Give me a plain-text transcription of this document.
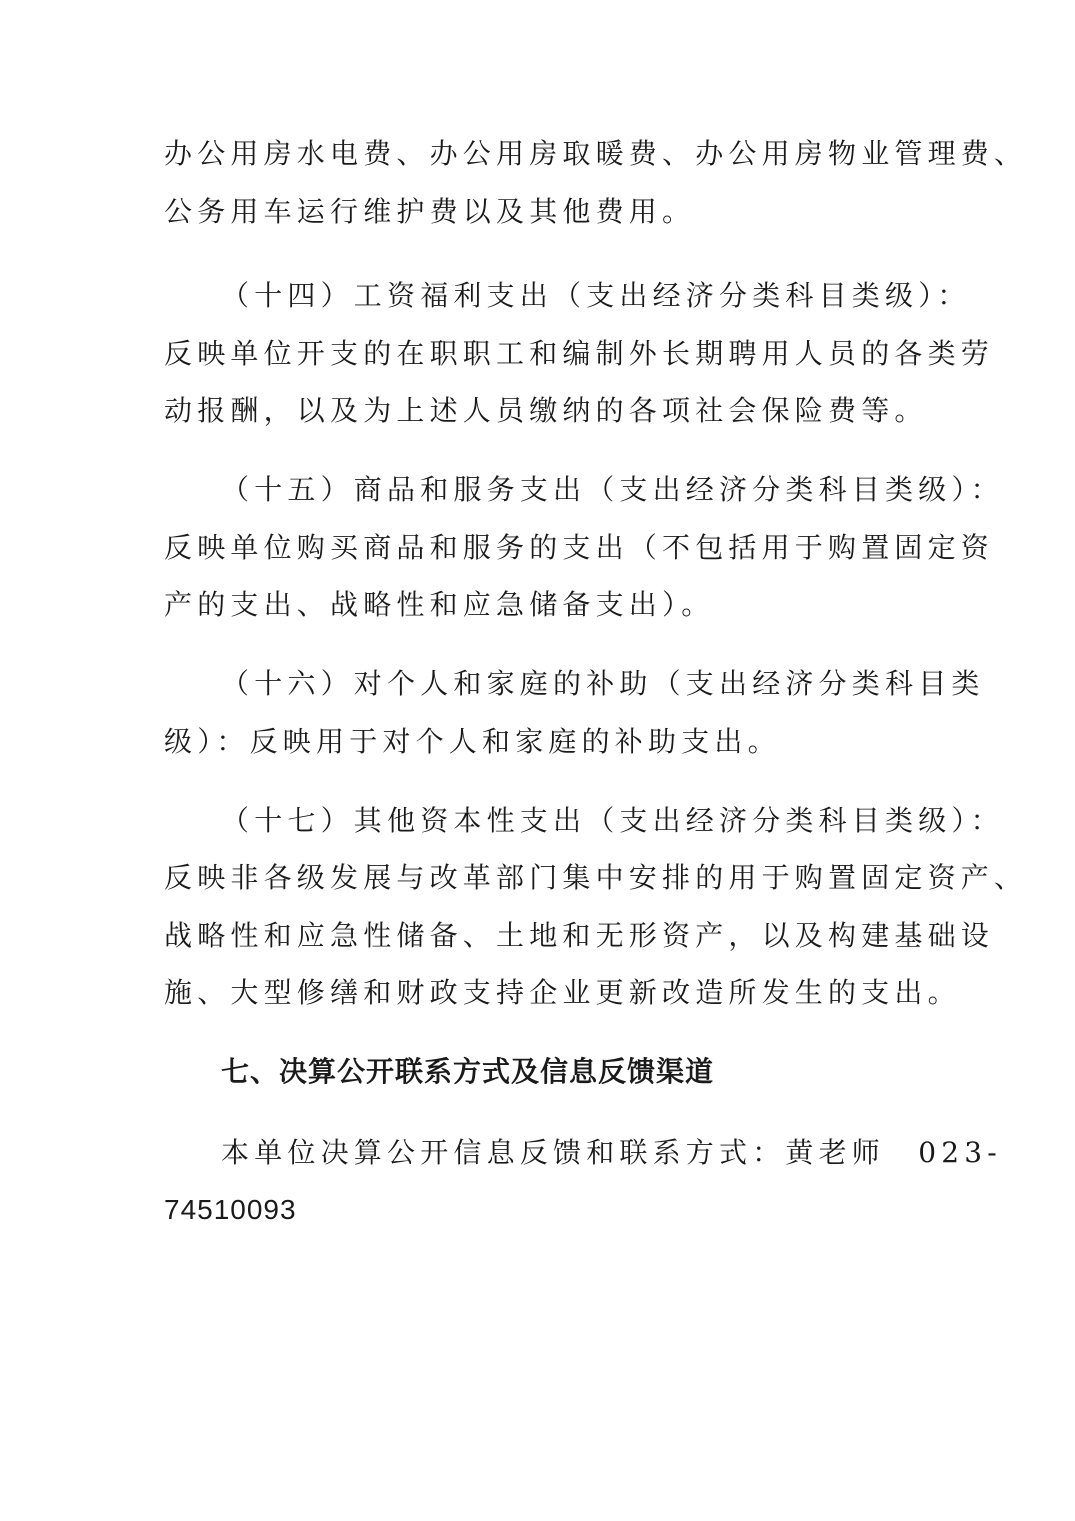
办公用房水电费、办公用房取暖费、办公用房物业管理费、
公务用车运行维护费以及其他费用。
（十四）工资福利支出（支出经济分类科目类级）：
反映单位开支的在职职工和编制外长期聘用人员的各类劳
动报酬，以及为上述人员缴纳的各项社会保险费等。
（十五）商品和服务支出（支出经济分类科目类级）：
反映单位购买商品和服务的支出（不包括用于购置固定资
产的支出、战略性和应急储备支出）。
（十六）对个人和家庭的补助（支出经济分类科目类
级）：反映用于对个人和家庭的补助支出。
（十七）其他资本性支出（支出经济分类科目类级）：
反映非各级发展与改革部门集中安排的用于购置固定资产、
战略性和应急性储备、土地和无形资产，以及构建基础设
施、大型修缮和财政支持企业更新改造所发生的支出。
七、决算公开联系方式及信息反馈渠道
本单位决算公开信息反馈和联系方式：黄老师　023-
74510093
